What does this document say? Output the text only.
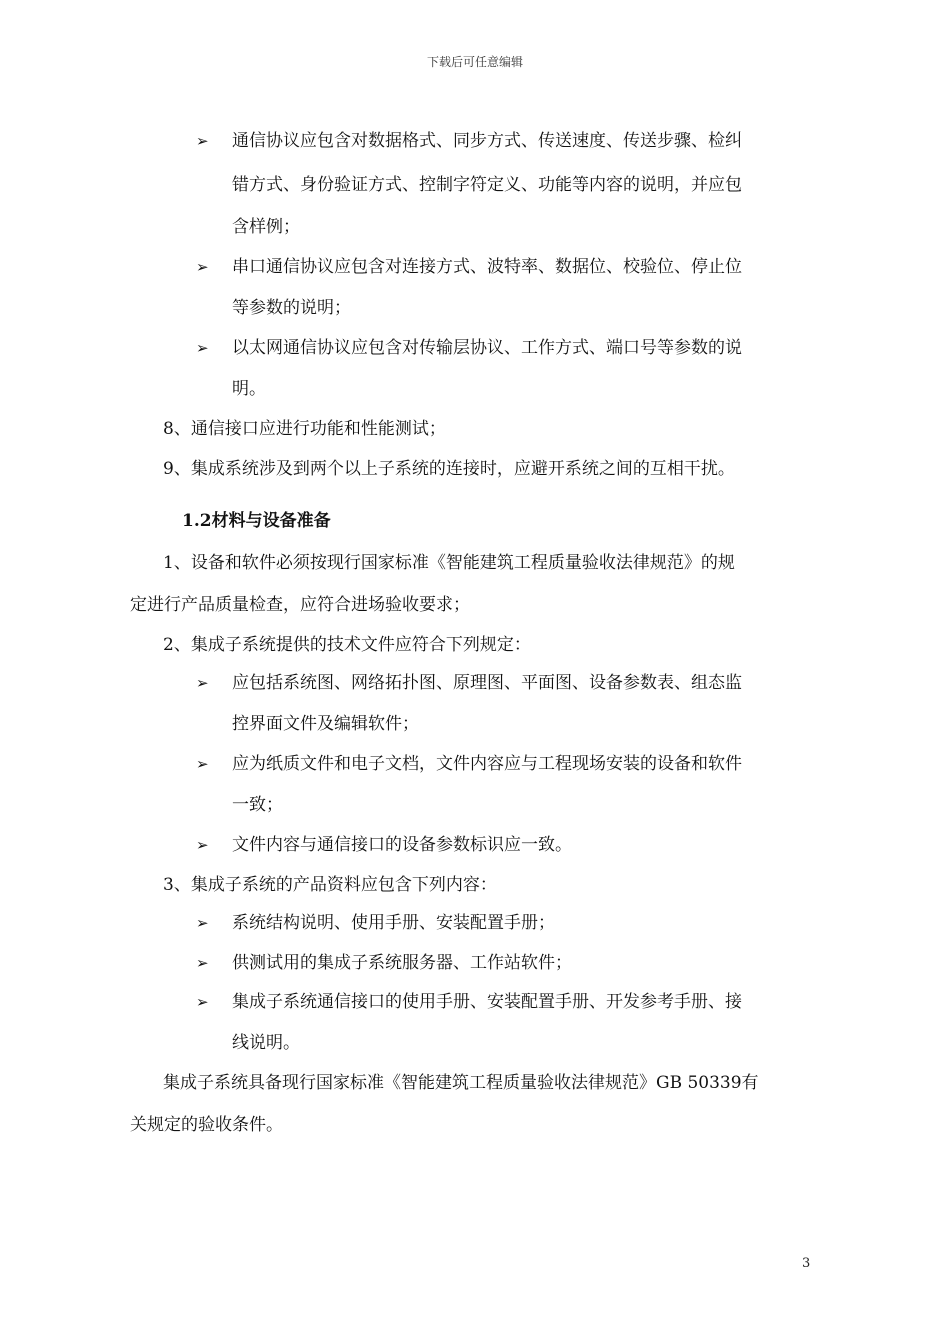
下载后可任意编辑
➢ 通信协议应包含对数据格式、同步方式、传送速度、传送步骤、检纠
错方式、身份验证方式、控制字符定义、功能等内容的说明，并应包
含样例；
➢ 串口通信协议应包含对连接方式、波特率、数据位、校验位、停止位
等参数的说明；
➢ 以太网通信协议应包含对传输层协议、工作方式、端口号等参数的说
明。
8、通信接口应进行功能和性能测试；
9、集成系统涉及到两个以上子系统的连接时，应避开系统之间的互相干扰。
1.2材料与设备准备
1、设备和软件必须按现行国家标准《智能建筑工程质量验收法律规范》的规
定进行产品质量检查，应符合进场验收要求；
2、集成子系统提供的技术文件应符合下列规定：
➢ 应包括系统图、网络拓扑图、原理图、平面图、设备参数表、组态监
控界面文件及编辑软件；
➢ 应为纸质文件和电子文档，文件内容应与工程现场安装的设备和软件
一致；
➢ 文件内容与通信接口的设备参数标识应一致。
3、集成子系统的产品资料应包含下列内容：
➢ 系统结构说明、使用手册、安装配置手册；
➢ 供测试用的集成子系统服务器、工作站软件；
➢ 集成子系统通信接口的使用手册、安装配置手册、开发参考手册、接
线说明。
集成子系统具备现行国家标准《智能建筑工程质量验收法律规范》GB 50339有
关规定的验收条件。
3
